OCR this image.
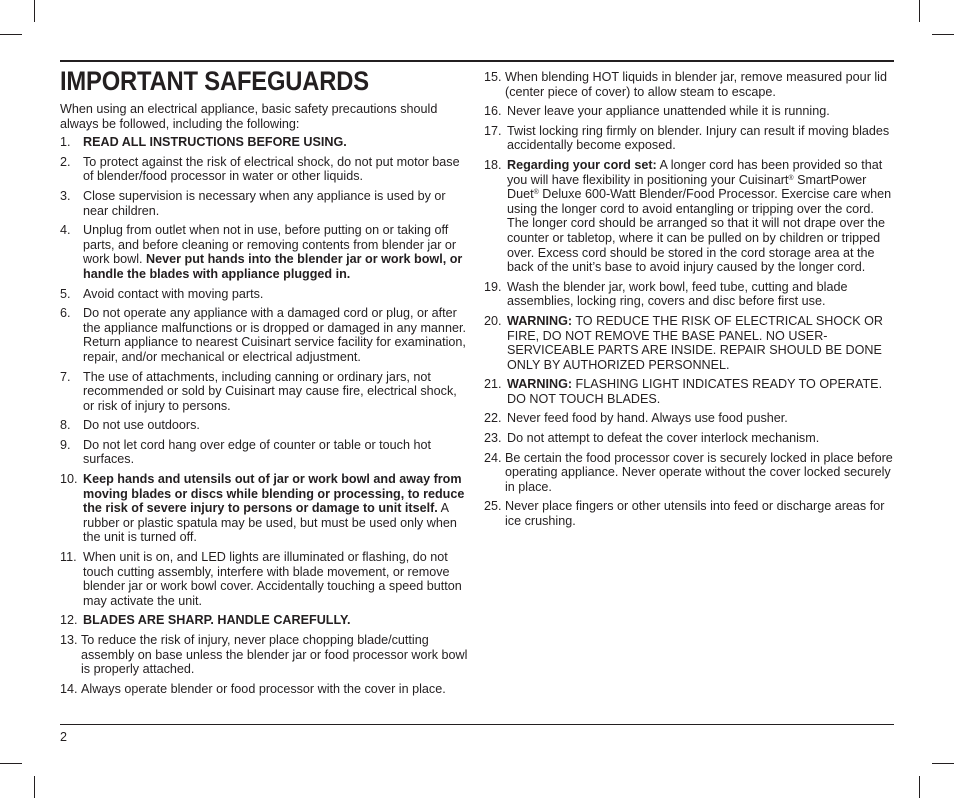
IMPORTANT SAFEGUARDS

When using an electrical appliance, basic safety precautions should always be followed, including the following:

1. READ ALL INSTRUCTIONS BEFORE USING.
2. To protect against the risk of electrical shock, do not put motor base of blender/food processor in water or other liquids.
3. Close supervision is necessary when any appliance is used by or near children.
4. Unplug from outlet when not in use, before putting on or taking off parts, and before cleaning or removing contents from blender jar or work bowl. Never put hands into the blender jar or work bowl, or handle the blades with appliance plugged in.
5. Avoid contact with moving parts.
6. Do not operate any appliance with a damaged cord or plug, or after the appliance malfunctions or is dropped or damaged in any manner. Return appliance to nearest Cuisinart service facility for examination, repair, and/or mechanical or electrical adjustment.
7. The use of attachments, including canning or ordinary jars, not recommended or sold by Cuisinart may cause fire, electrical shock, or risk of injury to persons.
8. Do not use outdoors.
9. Do not let cord hang over edge of counter or table or touch hot surfaces.
10. Keep hands and utensils out of jar or work bowl and away from moving blades or discs while blending or processing, to reduce the risk of severe injury to persons or damage to unit itself. A rubber or plastic spatula may be used, but must be used only when the unit is turned off.
11. When unit is on, and LED lights are illuminated or flashing, do not touch cutting assembly, interfere with blade movement, or remove blender jar or work bowl cover. Accidentally touching a speed button may activate the unit.
12. BLADES ARE SHARP. HANDLE CAREFULLY.
13. To reduce the risk of injury, never place chopping blade/cutting assembly on base unless the blender jar or food processor work bowl is properly attached.
14. Always operate blender or food processor with the cover in place.
15. When blending HOT liquids in blender jar, remove measured pour lid (center piece of cover) to allow steam to escape.
16. Never leave your appliance unattended while it is running.
17. Twist locking ring firmly on blender. Injury can result if moving blades accidentally become exposed.
18. Regarding your cord set: A longer cord has been provided so that you will have flexibility in positioning your Cuisinart® SmartPower Duet® Deluxe 600-Watt Blender/Food Processor. Exercise care when using the longer cord to avoid entangling or tripping over the cord. The longer cord should be arranged so that it will not drape over the counter or tabletop, where it can be pulled on by children or tripped over. Excess cord should be stored in the cord storage area at the back of the unit’s base to avoid injury caused by the longer cord.
19. Wash the blender jar, work bowl, feed tube, cutting and blade assemblies, locking ring, covers and disc before first use.
20. WARNING: TO REDUCE THE RISK OF ELECTRICAL SHOCK OR FIRE, DO NOT REMOVE THE BASE PANEL. NO USER-SERVICEABLE PARTS ARE INSIDE. REPAIR SHOULD BE DONE ONLY BY AUTHORIZED PERSONNEL.
21. WARNING: FLASHING LIGHT INDICATES READY TO OPERATE. DO NOT TOUCH BLADES.
22. Never feed food by hand. Always use food pusher.
23. Do not attempt to defeat the cover interlock mechanism.
24. Be certain the food processor cover is securely locked in place before operating appliance. Never operate without the cover locked securely in place.
25. Never place fingers or other utensils into feed or discharge areas for ice crushing.
2
